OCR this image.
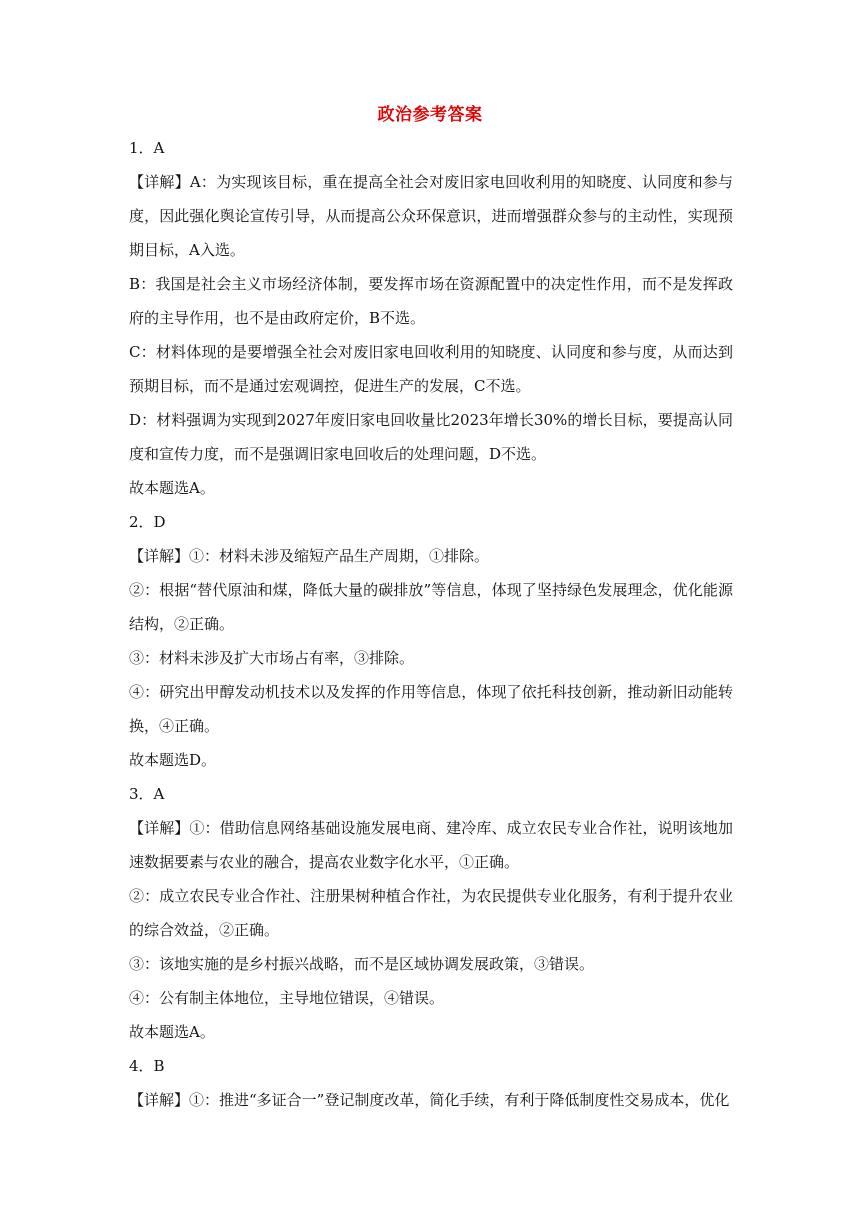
政治参考答案

1．A

【详解】A：为实现该目标，重在提高全社会对废旧家电回收利用的知晓度、认同度和参与度，因此强化舆论宣传引导，从而提高公众环保意识，进而增强群众参与的主动性，实现预期目标，A入选。

B：我国是社会主义市场经济体制，要发挥市场在资源配置中的决定性作用，而不是发挥政府的主导作用，也不是由政府定价，B不选。

C：材料体现的是要增强全社会对废旧家电回收利用的知晓度、认同度和参与度，从而达到预期目标，而不是通过宏观调控，促进生产的发展，C不选。

D：材料强调为实现到2027年废旧家电回收量比2023年增长30%的增长目标，要提高认同度和宣传力度，而不是强调旧家电回收后的处理问题，D不选。

故本题选A。

2．D

【详解】①：材料未涉及缩短产品生产周期，①排除。

②：根据“替代原油和煤，降低大量的碳排放”等信息，体现了坚持绿色发展理念，优化能源结构，②正确。

③：材料未涉及扩大市场占有率，③排除。

④：研究出甲醇发动机技术以及发挥的作用等信息，体现了依托科技创新，推动新旧动能转换，④正确。

故本题选D。

3．A

【详解】①：借助信息网络基础设施发展电商、建冷库、成立农民专业合作社，说明该地加速数据要素与农业的融合，提高农业数字化水平，①正确。

②：成立农民专业合作社、注册果树种植合作社，为农民提供专业化服务，有利于提升农业的综合效益，②正确。

③：该地实施的是乡村振兴战略，而不是区域协调发展政策，③错误。

④：公有制主体地位，主导地位错误，④错误。

故本题选A。

4．B

【详解】①：推进“多证合一”登记制度改革，简化手续，有利于降低制度性交易成本，优化
